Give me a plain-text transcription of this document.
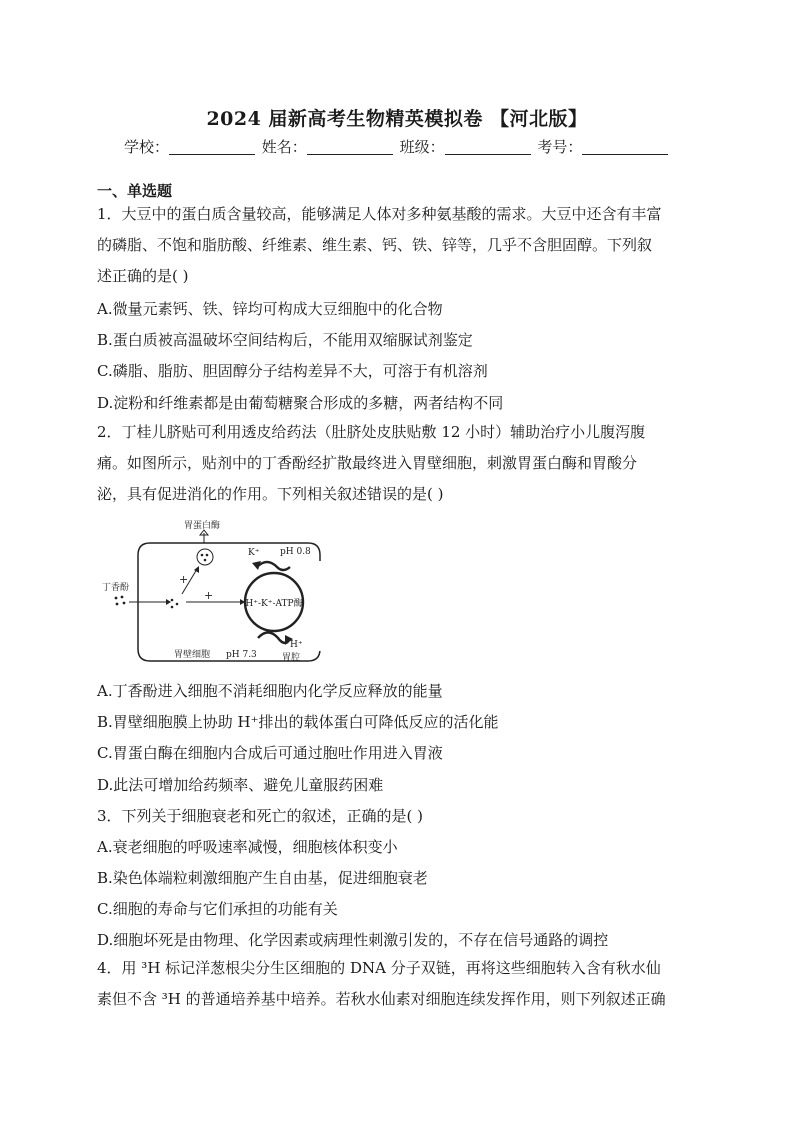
2024 届新高考生物精英模拟卷 【河北版】
学校：	姓名：	班级：	考号：
一、单选题
1．大豆中的蛋白质含量较高，能够满足人体对多种氨基酸的需求。大豆中还含有丰富
的磷脂、不饱和脂肪酸、纤维素、维生素、钙、铁、锌等，几乎不含胆固醇。下列叙
述正确的是( )
A.微量元素钙、铁、锌均可构成大豆细胞中的化合物
B.蛋白质被高温破坏空间结构后，不能用双缩脲试剂鉴定
C.磷脂、脂肪、胆固醇分子结构差异不大，可溶于有机溶剂
D.淀粉和纤维素都是由葡萄糖聚合形成的多糖，两者结构不同
2．丁桂儿脐贴可利用透皮给药法（肚脐处皮肤贴敷 12 小时）辅助治疗小儿腹泻腹
痛。如图所示，贴剂中的丁香酚经扩散最终进入胃壁细胞，刺激胃蛋白酶和胃酸分
泌，具有促进消化的作用。下列相关叙述错误的是( )
H⁺-K⁺-ATP酶
K⁺ pH 0.8
H⁺
胃腔
胃蛋白酶
丁香酚
+
+
胃壁细胞 pH 7.3
A.丁香酚进入细胞不消耗细胞内化学反应释放的能量
B.胃壁细胞膜上协助 H⁺排出的载体蛋白可降低反应的活化能
C.胃蛋白酶在细胞内合成后可通过胞吐作用进入胃液
D.此法可增加给药频率、避免儿童服药困难
3．下列关于细胞衰老和死亡的叙述，正确的是( )
A.衰老细胞的呼吸速率减慢，细胞核体积变小
B.染色体端粒刺激细胞产生自由基，促进细胞衰老
C.细胞的寿命与它们承担的功能有关
D.细胞坏死是由物理、化学因素或病理性刺激引发的，不存在信号通路的调控
4．用 ³H 标记洋葱根尖分生区细胞的 DNA 分子双链，再将这些细胞转入含有秋水仙
素但不含 ³H 的普通培养基中培养。若秋水仙素对细胞连续发挥作用，则下列叙述正确
